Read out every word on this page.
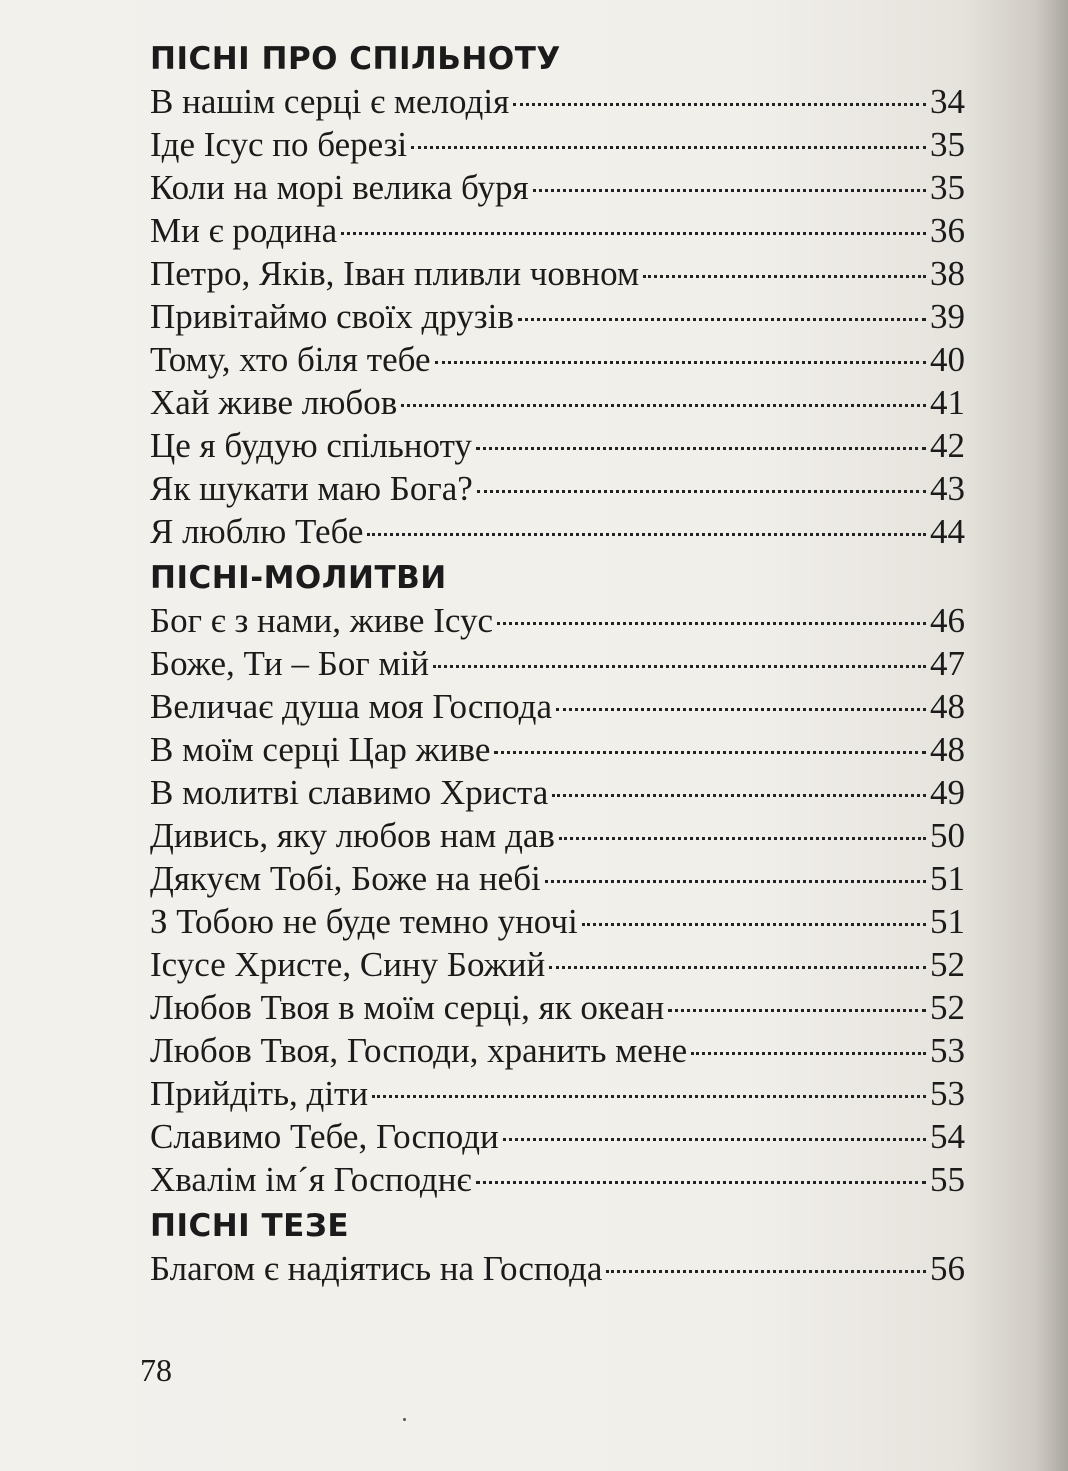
ПІСНІ ПРО СПІЛЬНОТУ
В нашім серці є мелодія	34
Іде Ісус по березі	35
Коли на морі велика буря	35
Ми є родина	36
Петро, Яків, Іван пливли човном	38
Привітаймо своїх друзів	39
Тому, хто біля тебе	40
Хай живе любов	41
Це я будую спільноту	42
Як шукати маю Бога?	43
Я люблю Тебе	44
ПІСНІ-МОЛИТВИ
Бог є з нами, живе Ісус	46
Боже, Ти – Бог мій	47
Величає душа моя Господа	48
В моїм серці Цар живе	48
В молитві славимо Христа	49
Дивись, яку любов нам дав	50
Дякуєм Тобі, Боже на небі	51
З Тобою не буде темно уночі	51
Ісусе Христе, Сину Божий	52
Любов Твоя в моїм серці, як океан	52
Любов Твоя, Господи, хранить мене	53
Прийдіть, діти	53
Славимо Тебе, Господи	54
Хвалім ім´я Господнє	55
ПІСНІ ТЕЗЕ
Благом є надіятись на Господа	56
78
